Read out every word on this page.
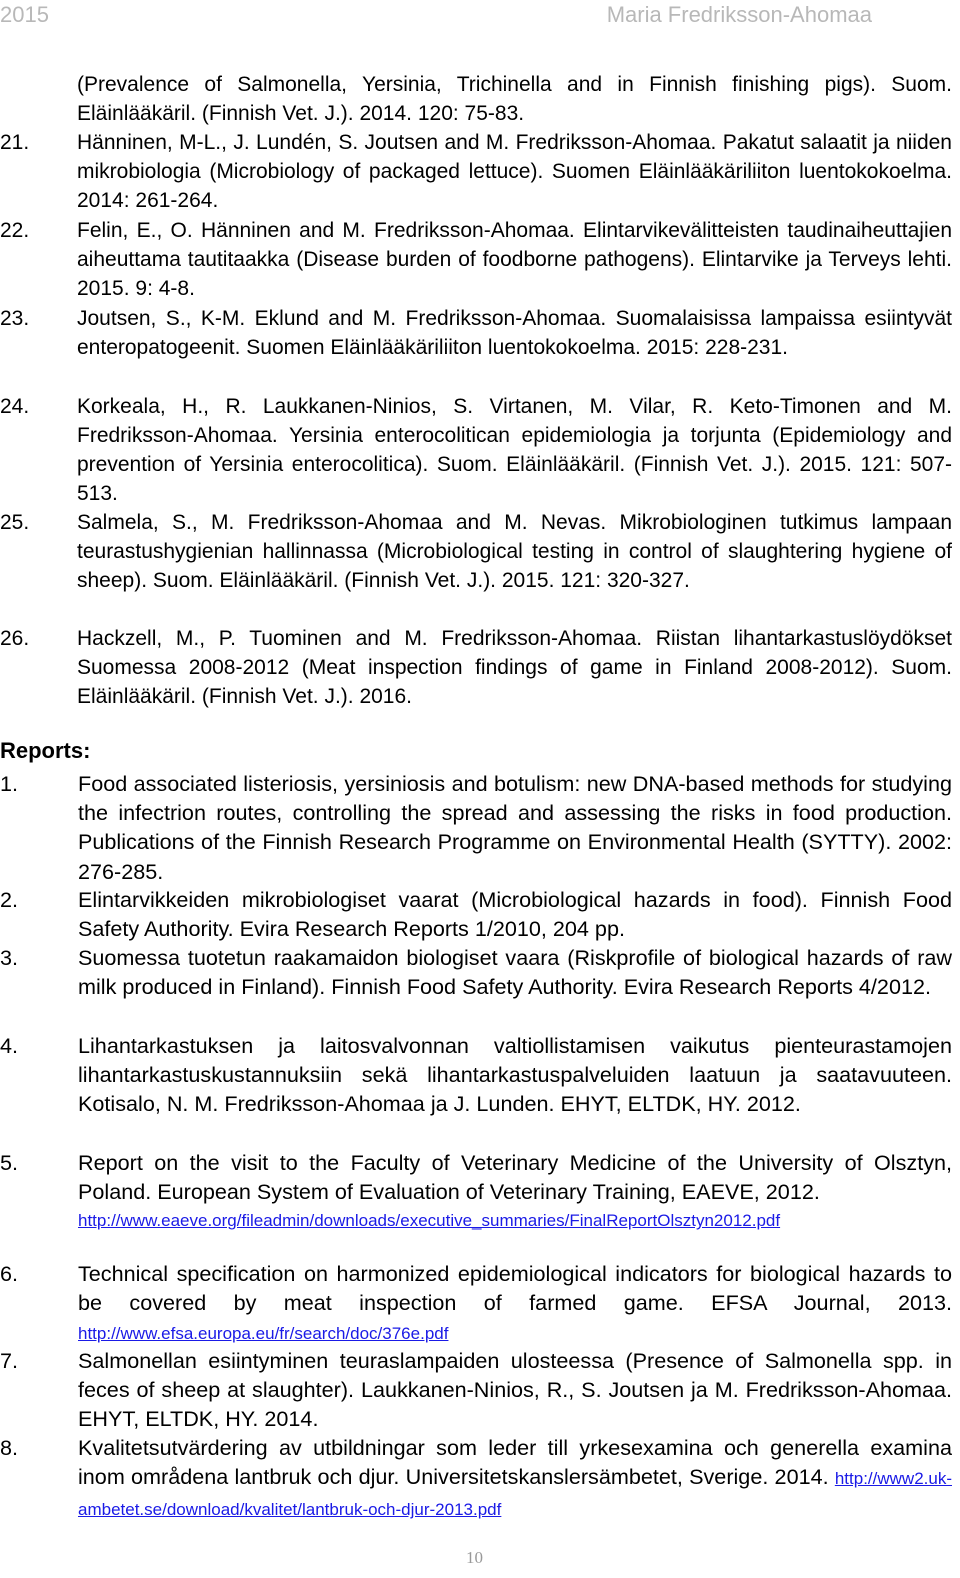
2015	Maria Fredriksson-Ahomaa
(Prevalence of Salmonella, Yersinia, Trichinella and in Finnish finishing pigs). Suom. Eläinlääkäril. (Finnish Vet. J.). 2014. 120: 75-83.
21. Hänninen, M-L., J. Lundén, S. Joutsen and M. Fredriksson-Ahomaa. Pakatut salaatit ja niiden mikrobiologia (Microbiology of packaged lettuce). Suomen Eläinlääkäriliiton luentokokoelma. 2014: 261-264.
22. Felin, E., O. Hänninen and M. Fredriksson-Ahomaa. Elintarvikevälitteisten taudinaiheuttajien aiheuttama tautitaakka (Disease burden of foodborne pathogens). Elintarvike ja Terveys lehti. 2015. 9: 4-8.
23. Joutsen, S., K-M. Eklund and M. Fredriksson-Ahomaa. Suomalaisissa lampaissa esiintyvät enteropatogeenit. Suomen Eläinlääkäriliiton luentokokoelma. 2015: 228-231.
24. Korkeala, H., R. Laukkanen-Ninios, S. Virtanen, M. Vilar, R. Keto-Timonen and M. Fredriksson-Ahomaa. Yersinia enterocolitican epidemiologia ja torjunta (Epidemiology and prevention of Yersinia enterocolitica). Suom. Eläinlääkäril. (Finnish Vet. J.). 2015. 121: 507-513.
25. Salmela, S., M. Fredriksson-Ahomaa and M. Nevas. Mikrobiologinen tutkimus lampaan teurastushygienian hallinnassa (Microbiological testing in control of slaughtering hygiene of sheep). Suom. Eläinlääkäril. (Finnish Vet. J.). 2015. 121: 320-327.
26. Hackzell, M., P. Tuominen and M. Fredriksson-Ahomaa. Riistan lihantarkastuslöydökset Suomessa 2008-2012 (Meat inspection findings of game in Finland 2008-2012). Suom. Eläinlääkäril. (Finnish Vet. J.). 2016.
Reports:
1.	Food associated listeriosis, yersiniosis and botulism: new DNA-based methods for studying the infectrion routes, controlling the spread and assessing the risks in food production. Publications of the Finnish Research Programme on Environmental Health (SYTTY). 2002: 276-285.
2.	Elintarvikkeiden mikrobiologiset vaarat (Microbiological hazards in food). Finnish Food Safety Authority. Evira Research Reports 1/2010, 204 pp.
3.	Suomessa tuotetun raakamaidon biologiset vaara (Riskprofile of biological hazards of raw milk produced in Finland). Finnish Food Safety Authority. Evira Research Reports 4/2012.
4.	Lihantarkastuksen ja laitosvalvonnan valtiollistamisen vaikutus pienteurastamojen lihantarkastuskustannuksiin sekä lihantarkastuspalveluiden laatuun ja saatavuuteen. Kotisalo, N. M. Fredriksson-Ahomaa ja J. Lunden. EHYT, ELTDK, HY. 2012.
5.	Report on the visit to the Faculty of Veterinary Medicine of the University of Olsztyn, Poland. European System of Evaluation of Veterinary Training, EAEVE, 2012.
http://www.eaeve.org/fileadmin/downloads/executive_summaries/FinalReportOlsztyn2012.pdf
6.	Technical specification on harmonized epidemiological indicators for biological hazards to be covered by meat inspection of farmed game. EFSA Journal, 2013. http://www.efsa.europa.eu/fr/search/doc/376e.pdf
7.	Salmonellan esiintyminen teuraslampaiden ulosteessa (Presence of Salmonella spp. in feces of sheep at slaughter). Laukkanen-Ninios, R., S. Joutsen ja M. Fredriksson-Ahomaa. EHYT, ELTDK, HY. 2014.
8.	Kvalitetsutvärdering av utbildningar som leder till yrkesexamina och generella examina inom områdena lantbruk och djur. Universitetskanslersämbetet, Sverige. 2014. http://www2.uk-ambetet.se/download/kvalitet/lantbruk-och-djur-2013.pdf
10
